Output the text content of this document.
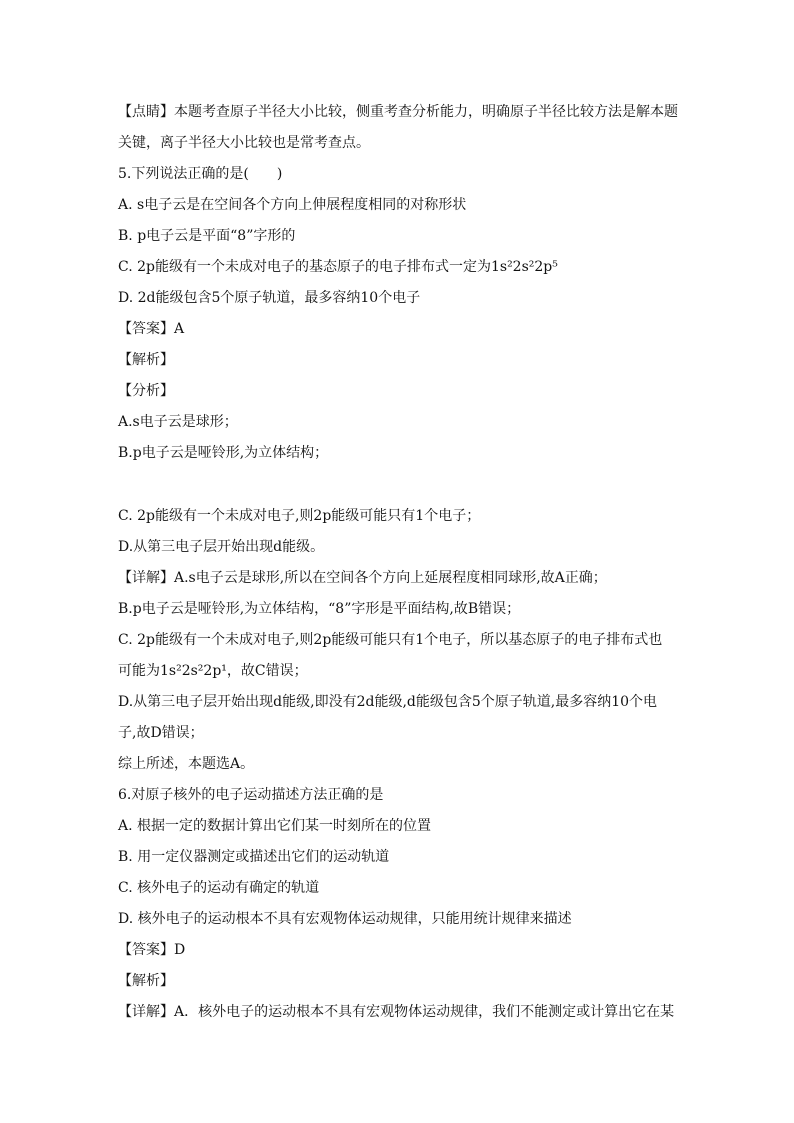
【点睛】本题考查原子半径大小比较，侧重考查分析能力，明确原子半径比较方法是解本题
关键，离子半径大小比较也是常考查点。
5.下列说法正确的是(　　)
A. s电子云是在空间各个方向上伸展程度相同的对称形状
B. p电子云是平面“8”字形的
C. 2p能级有一个未成对电子的基态原子的电子排布式一定为1s²2s²2p⁵
D. 2d能级包含5个原子轨道，最多容纳10个电子
【答案】A
【解析】
【分析】
A.s电子云是球形；
B.p电子云是哑铃形,为立体结构；
C. 2p能级有一个未成对电子,则2p能级可能只有1个电子；
D.从第三电子层开始出现d能级。
【详解】A.s电子云是球形,所以在空间各个方向上延展程度相同球形,故A正确；
B.p电子云是哑铃形,为立体结构，“8”字形是平面结构,故B错误；
C. 2p能级有一个未成对电子,则2p能级可能只有1个电子，所以基态原子的电子排布式也
可能为1s²2s²2p¹，故C错误；
D.从第三电子层开始出现d能级,即没有2d能级,d能级包含5个原子轨道,最多容纳10个电
子,故D错误；
综上所述，本题选A。
6.对原子核外的电子运动描述方法正确的是
A. 根据一定的数据计算出它们某一时刻所在的位置
B. 用一定仪器测定或描述出它们的运动轨道
C. 核外电子的运动有确定的轨道
D. 核外电子的运动根本不具有宏观物体运动规律，只能用统计规律来描述
【答案】D
【解析】
【详解】A．核外电子的运动根本不具有宏观物体运动规律，我们不能测定或计算出它在某
